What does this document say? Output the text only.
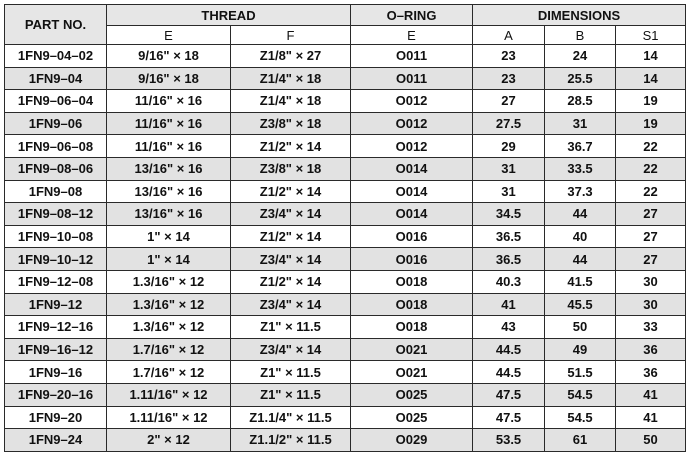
PART NO.	THREAD		O–RING	DIMENSIONS		
	E	F	E	A	B	S1
1FN9–04–02	9/16" × 18	Z1/8" × 27	O011	23	24	14
1FN9–04	9/16" × 18	Z1/4" × 18	O011	23	25.5	14
1FN9–06–04	11/16" × 16	Z1/4" × 18	O012	27	28.5	19
1FN9–06	11/16" × 16	Z3/8" × 18	O012	27.5	31	19
1FN9–06–08	11/16" × 16	Z1/2" × 14	O012	29	36.7	22
1FN9–08–06	13/16" × 16	Z3/8" × 18	O014	31	33.5	22
1FN9–08	13/16" × 16	Z1/2" × 14	O014	31	37.3	22
1FN9–08–12	13/16" × 16	Z3/4" × 14	O014	34.5	44	27
1FN9–10–08	1" × 14	Z1/2" × 14	O016	36.5	40	27
1FN9–10–12	1" × 14	Z3/4" × 14	O016	36.5	44	27
1FN9–12–08	1.3/16" × 12	Z1/2" × 14	O018	40.3	41.5	30
1FN9–12	1.3/16" × 12	Z3/4" × 14	O018	41	45.5	30
1FN9–12–16	1.3/16" × 12	Z1" × 11.5	O018	43	50	33
1FN9–16–12	1.7/16" × 12	Z3/4" × 14	O021	44.5	49	36
1FN9–16	1.7/16" × 12	Z1" × 11.5	O021	44.5	51.5	36
1FN9–20–16	1.11/16" × 12	Z1" × 11.5	O025	47.5	54.5	41
1FN9–20	1.11/16" × 12	Z1.1/4" × 11.5	O025	47.5	54.5	41
1FN9–24	2" × 12	Z1.1/2" × 11.5	O029	53.5	61	50
